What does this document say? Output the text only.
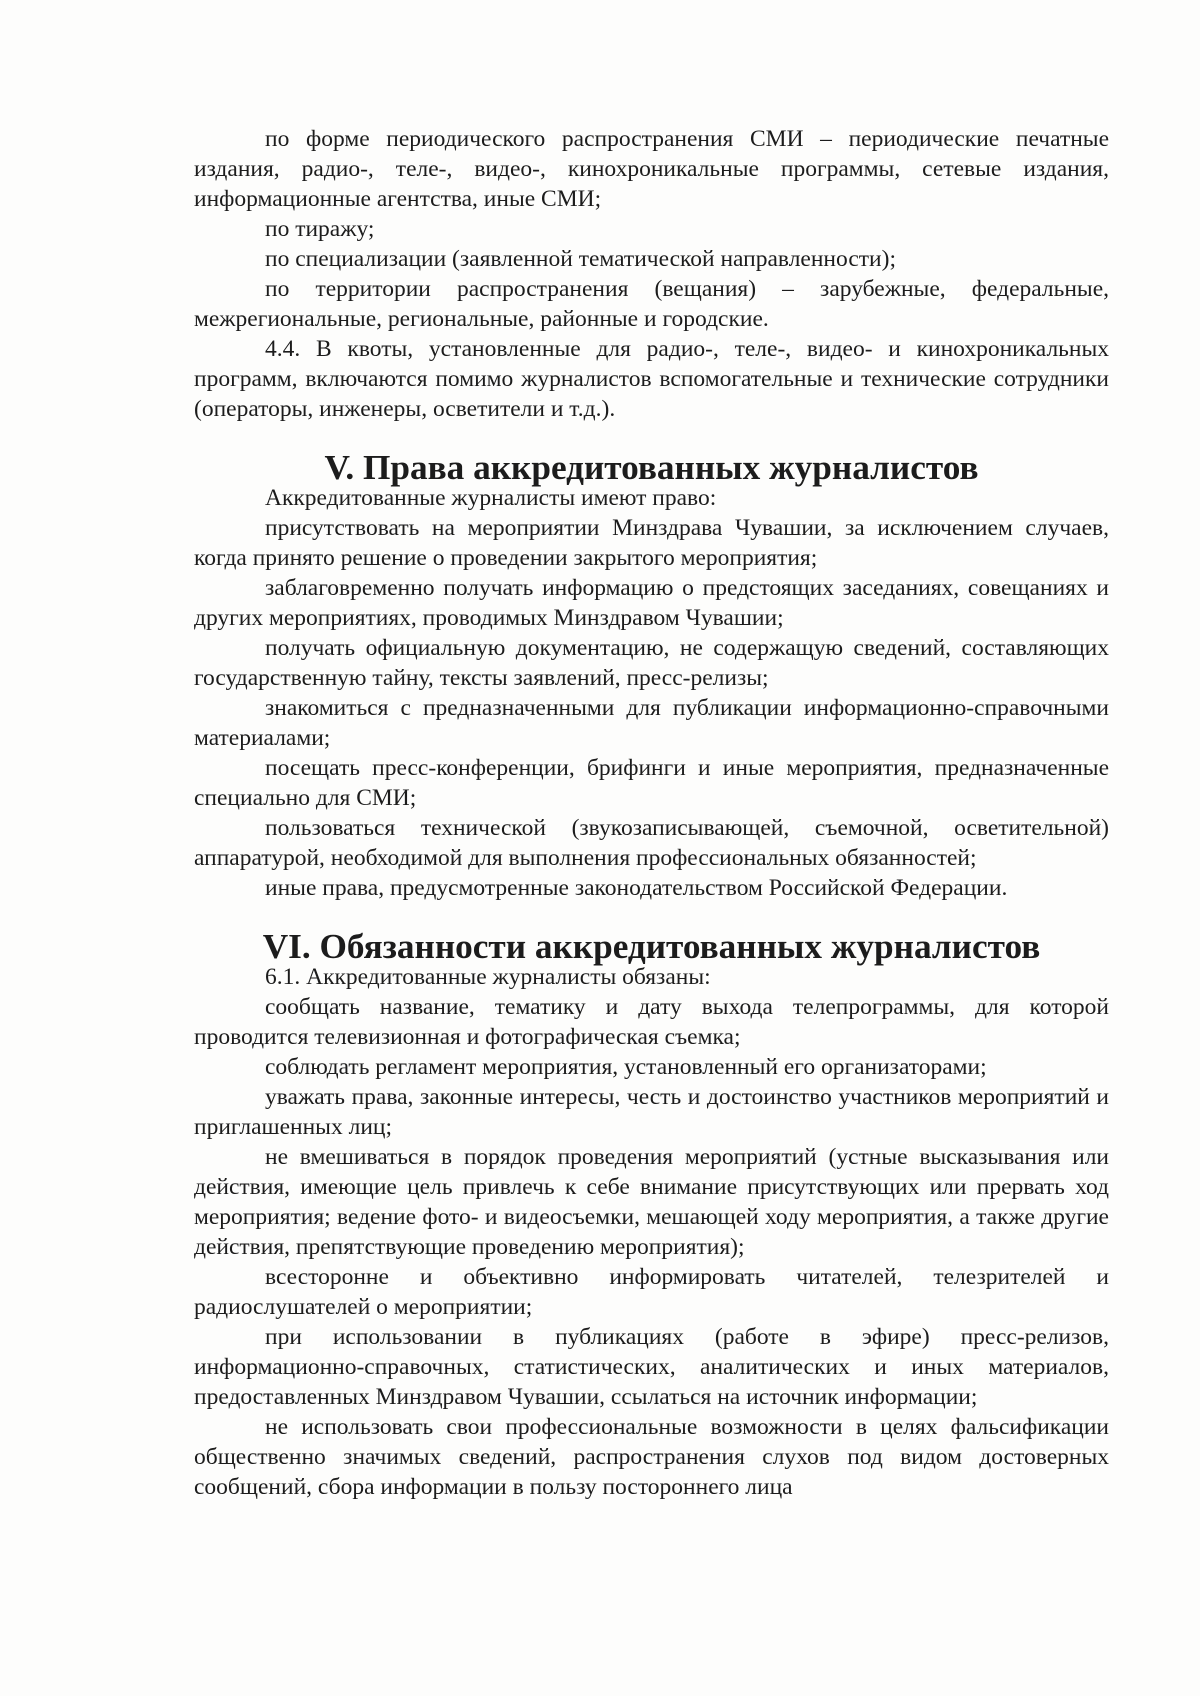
по форме периодического распространения СМИ – периодические печатные издания, радио-, теле-, видео-, кинохроникальные программы, сетевые издания, информационные агентства, иные СМИ;

по тиражу;

по специализации (заявленной тематической направленности);

по территории распространения (вещания) – зарубежные, федеральные, межрегиональные, региональные, районные и городские.

4.4. В квоты, установленные для радио-, теле-, видео- и кинохроникальных программ, включаются помимо журналистов вспомогательные и технические сотрудники (операторы, инженеры, осветители и т.д.).

V. Права аккредитованных журналистов

Аккредитованные журналисты имеют право:

присутствовать на мероприятии Минздрава Чувашии, за исключением случаев, когда принято решение о проведении закрытого мероприятия;

заблаговременно получать информацию о предстоящих заседаниях, совещаниях и других мероприятиях, проводимых Минздравом Чувашии;

получать официальную документацию, не содержащую сведений, составляющих государственную тайну, тексты заявлений, пресс-релизы;

знакомиться с предназначенными для публикации информационно-справочными материалами;

посещать пресс-конференции, брифинги и иные мероприятия, предназначенные специально для СМИ;

пользоваться технической (звукозаписывающей, съемочной, осветительной) аппаратурой, необходимой для выполнения профессиональных обязанностей;

иные права, предусмотренные законодательством Российской Федерации.

VI. Обязанности аккредитованных журналистов

6.1. Аккредитованные журналисты обязаны:

сообщать название, тематику и дату выхода телепрограммы, для которой проводится телевизионная и фотографическая съемка;

соблюдать регламент мероприятия, установленный его организаторами;

уважать права, законные интересы, честь и достоинство участников мероприятий и приглашенных лиц;

не вмешиваться в порядок проведения мероприятий (устные высказывания или действия, имеющие цель привлечь к себе внимание присутствующих или прервать ход мероприятия; ведение фото- и видеосъемки, мешающей ходу мероприятия, а также другие действия, препятствующие проведению мероприятия);

всесторонне и объективно информировать читателей, телезрителей и радиослушателей о мероприятии;

при использовании в публикациях (работе в эфире) пресс-релизов, информационно-справочных, статистических, аналитических и иных материалов, предоставленных Минздравом Чувашии, ссылаться на источник информации;

не использовать свои профессиональные возможности в целях фальсификации общественно значимых сведений, распространения слухов под видом достоверных сообщений, сбора информации в пользу постороннего лица
